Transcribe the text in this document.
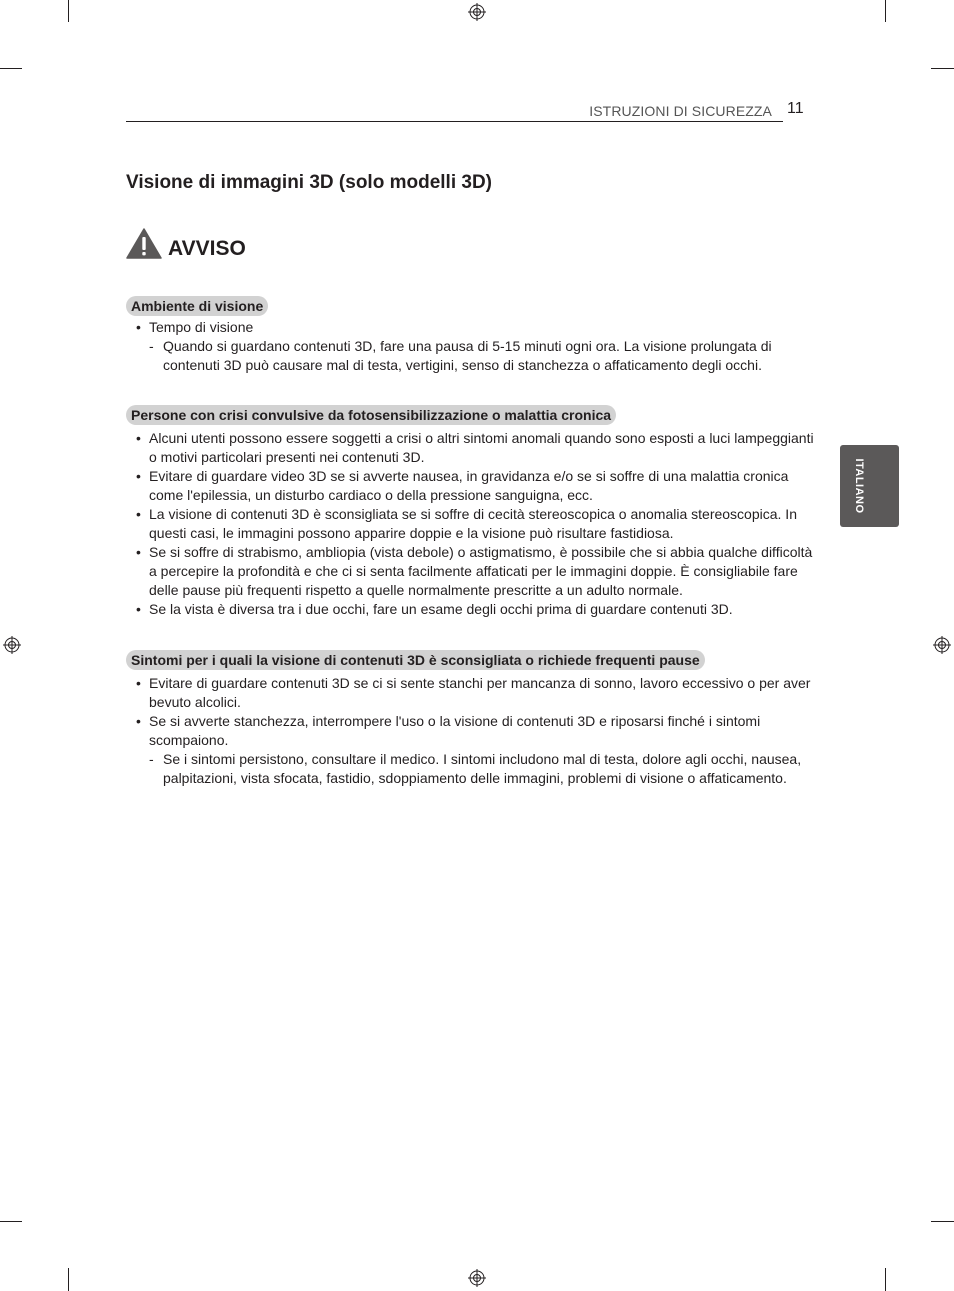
ISTRUZIONI DI SICUREZZA 11
Visione di immagini 3D (solo modelli 3D)
AVVISO
ITALIANO
Ambiente di visione
• Tempo di visione
- Quando si guardano contenuti 3D, fare una pausa di 5-15 minuti ogni ora. La visione prolungata di contenuti 3D può causare mal di testa, vertigini, senso di stanchezza o affaticamento degli occhi.
Persone con crisi convulsive da fotosensibilizzazione o malattia cronica
• Alcuni utenti possono essere soggetti a crisi o altri sintomi anomali quando sono esposti a luci lampeggianti o motivi particolari presenti nei contenuti 3D.
• Evitare di guardare video 3D se si avverte nausea, in gravidanza e/o se si soffre di una malattia cronica come l'epilessia, un disturbo cardiaco o della pressione sanguigna, ecc.
• La visione di contenuti 3D è sconsigliata se si soffre di cecità stereoscopica o anomalia stereoscopica. In questi casi, le immagini possono apparire doppie e la visione può risultare fastidiosa.
• Se si soffre di strabismo, ambliopia (vista debole) o astigmatismo, è possibile che si abbia qualche difficoltà a percepire la profondità e che ci si senta facilmente affaticati per le immagini doppie. È consigliabile fare delle pause più frequenti rispetto a quelle normalmente prescritte a un adulto normale.
• Se la vista è diversa tra i due occhi, fare un esame degli occhi prima di guardare contenuti 3D.
Sintomi per i quali la visione di contenuti 3D è sconsigliata o richiede frequenti pause
• Evitare di guardare contenuti 3D se ci si sente stanchi per mancanza di sonno, lavoro eccessivo o per aver bevuto alcolici.
• Se si avverte stanchezza, interrompere l'uso o la visione di contenuti 3D e riposarsi finché i sintomi scompaiono.
- Se i sintomi persistono, consultare il medico. I sintomi includono mal di testa, dolore agli occhi, nausea, palpitazioni, vista sfocata, fastidio, sdoppiamento delle immagini, problemi di visione o affaticamento.
